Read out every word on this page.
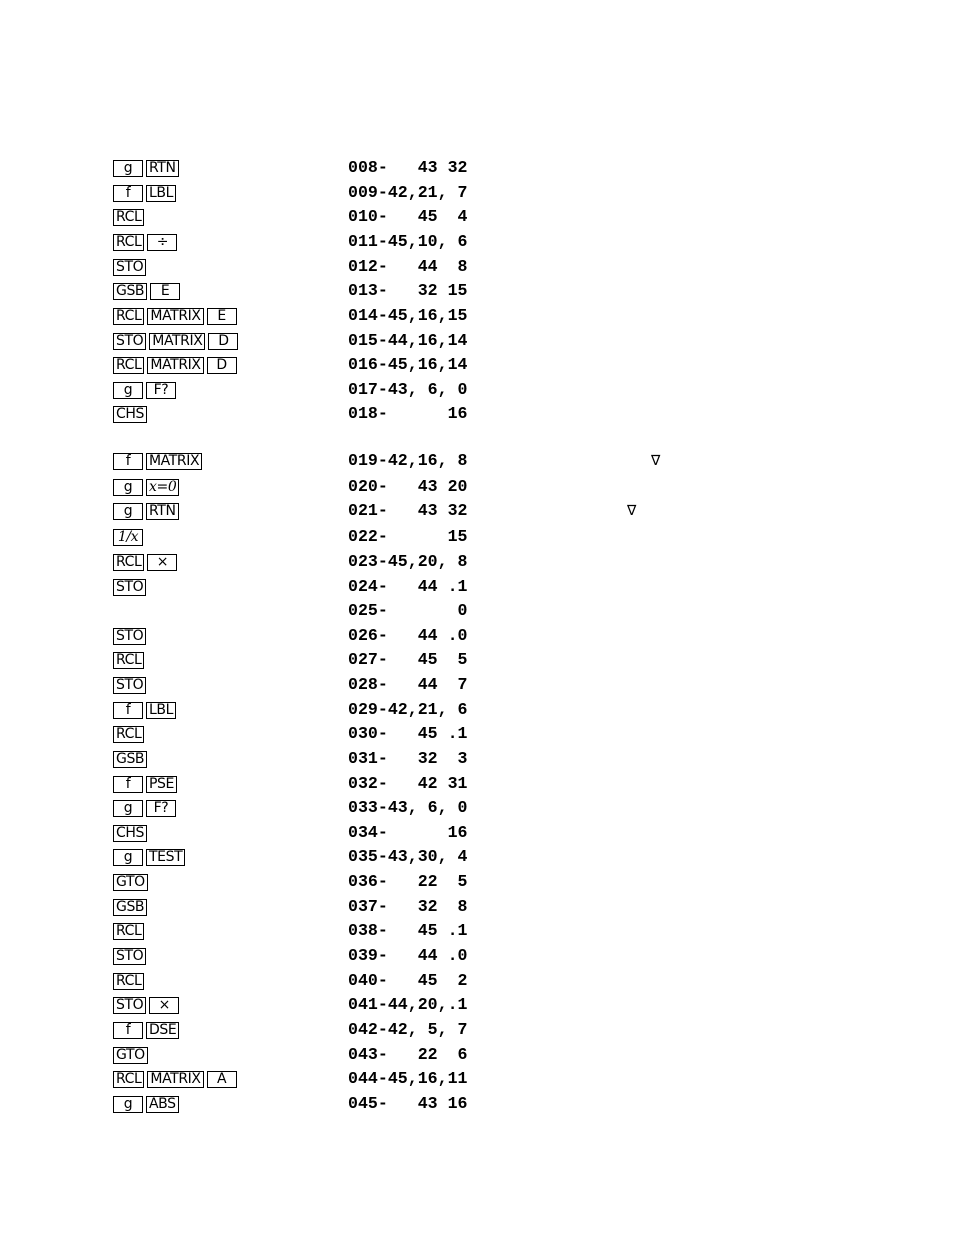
g	RTN	008-   43 32
f	LBL	009-42,21, 7
RCL	010-   45  4
RCL	÷	011-45,10, 6
STO	012-   44  8
GSB	E	013-   32 15
RCL MATRIX	E	014-45,16,15
STO MATRIX	D	015-44,16,14
RCL MATRIX	D	016-45,16,14
g	F?	017-43, 6, 0
CHS	018-      16
f	MATRIX	019-42,16, 8	∇
g	x=0	020-   43 20
g	RTN	021-   43 32	∇
1/x	022-      15
RCL	×	023-45,20, 8
STO	024-   44 .1
025-       0
STO	026-   44 .0
RCL	027-   45  5
STO	028-   44  7
f	LBL	029-42,21, 6
RCL	030-   45 .1
GSB	031-   32  3
f	PSE	032-   42 31
g	F?	033-43, 6, 0
CHS	034-      16
g	TEST	035-43,30, 4
GTO	036-   22  5
GSB	037-   32  8
RCL	038-   45 .1
STO	039-   44 .0
RCL	040-   45  2
STO	×	041-44,20,.1
f	DSE	042-42, 5, 7
GTO	043-   22  6
RCL MATRIX	A	044-45,16,11
g	ABS	045-   43 16
